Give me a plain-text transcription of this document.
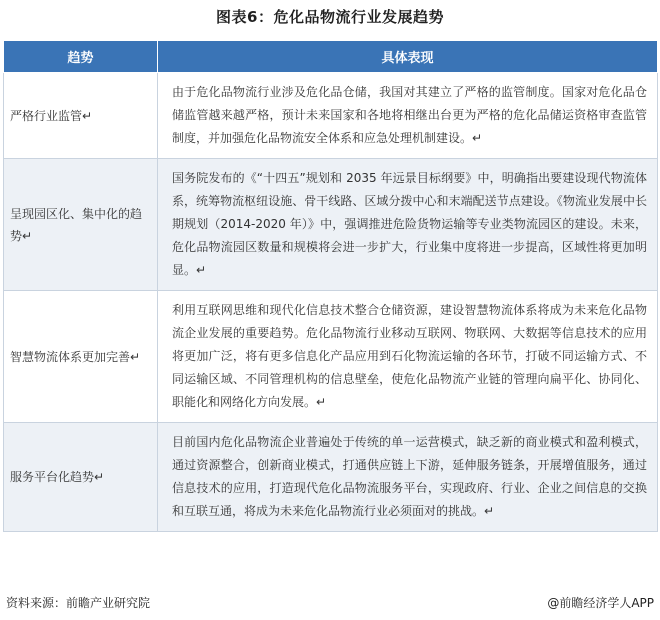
图表6：危化品物流行业发展趋势
趋势	具体表现
严格行业监管↵	由于危化品物流行业涉及危化品仓储，我国对其建立了严格的监管制度。国家对危化品仓储监管越来越严格，预计未来国家和各地将相继出台更为严格的危化品储运资格审查监管制度，并加强危化品物流安全体系和应急处理机制建设。↵
呈现园区化、集中化的趋势↵	国务院发布的《“十四五”规划和 2035 年远景目标纲要》中，明确指出要建设现代物流体系，统筹物流枢纽设施、骨干线路、区域分拨中心和末端配送节点建设。《物流业发展中长期规划（2014-2020 年）》中，强调推进危险货物运输等专业类物流园区的建设。未来，危化品物流园区数量和规模将会进一步扩大，行业集中度将进一步提高，区域性将更加明显。↵
智慧物流体系更加完善↵	利用互联网思维和现代化信息技术整合仓储资源，建设智慧物流体系将成为未来危化品物流企业发展的重要趋势。危化品物流行业移动互联网、物联网、大数据等信息技术的应用将更加广泛，将有更多信息化产品应用到石化物流运输的各环节，打破不同运输方式、不同运输区域、不同管理机构的信息壁垒，使危化品物流产业链的管理向扁平化、协同化、职能化和网络化方向发展。↵
服务平台化趋势↵	目前国内危化品物流企业普遍处于传统的单一运营模式，缺乏新的商业模式和盈利模式，通过资源整合，创新商业模式，打通供应链上下游，延伸服务链条，开展增值服务，通过信息技术的应用，打造现代危化品物流服务平台，实现政府、行业、企业之间信息的交换和互联互通，将成为未来危化品物流行业必须面对的挑战。↵
资料来源：前瞻产业研究院	@前瞻经济学人APP
